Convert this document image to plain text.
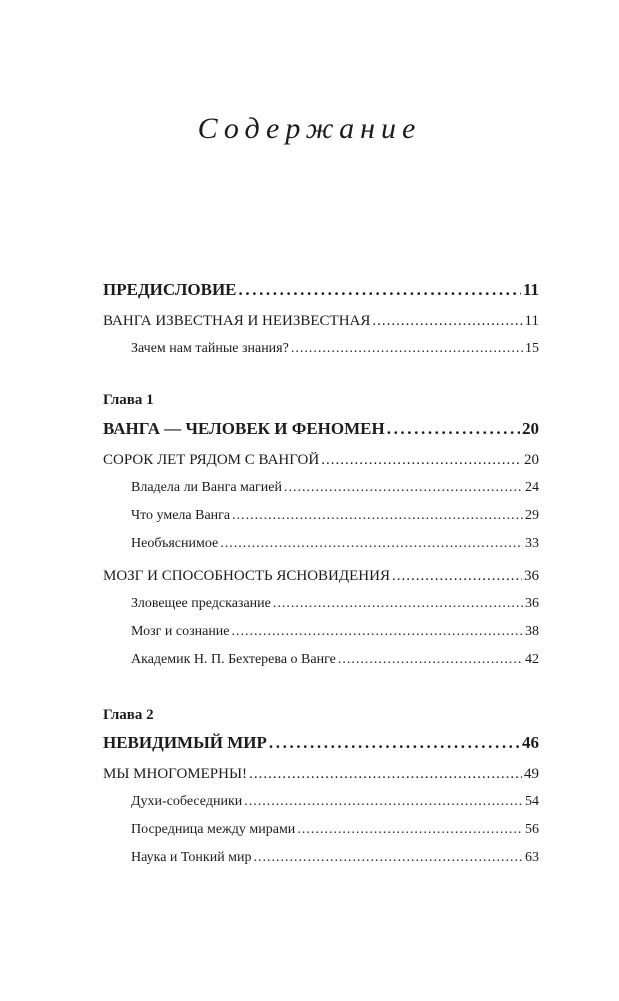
Содержание
ПРЕДИСЛОВИЕ .....	11
ВАНГА ИЗВЕСТНАЯ И НЕИЗВЕСТНАЯ .....	11
Зачем нам тайные знания? .....	15
Глава 1
ВАНГА — ЧЕЛОВЕК И ФЕНОМЕН .....	20
СОРОК ЛЕТ РЯДОМ С ВАНГОЙ .....	20
Владела ли Ванга магией .....	24
Что умела Ванга .....	29
Необъяснимое .....	33
МОЗГ И СПОСОБНОСТЬ ЯСНОВИДЕНИЯ .....	36
Зловещее предсказание .....	36
Мозг и сознание .....	38
Академик Н. П. Бехтерева о Ванге .....	42
Глава 2
НЕВИДИМЫЙ МИР .....	46
МЫ МНОГОМЕРНЫ! .....	49
Духи-собеседники .....	54
Посредница между мирами .....	56
Наука и Тонкий мир .....	63
